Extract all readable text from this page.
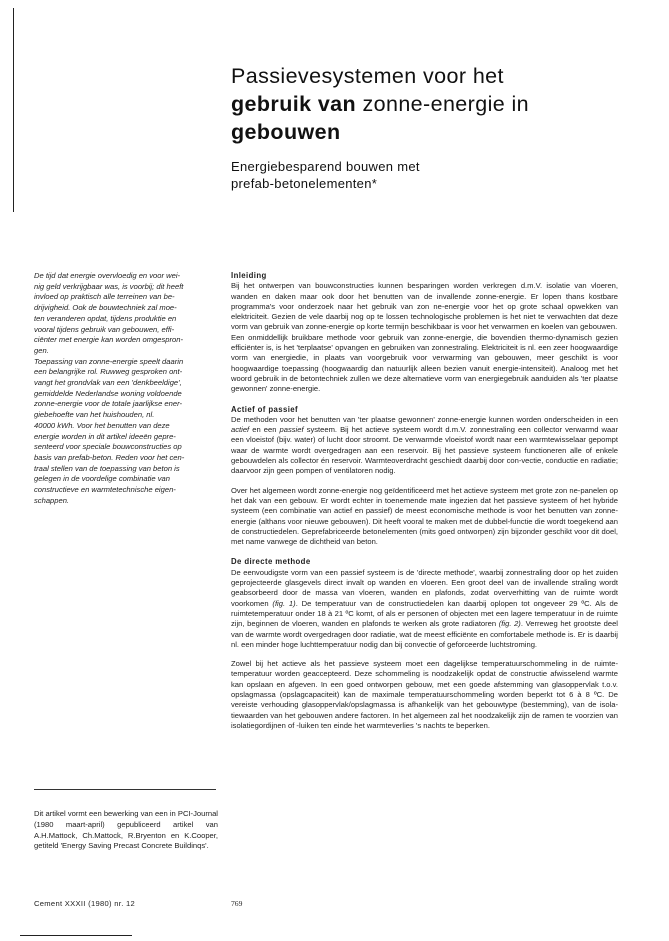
Passievesystemen voor het
gebruik van zonne-energie in
gebouwen
Energiebesparend bouwen met
prefab-betonelementen*

De tijd dat energie overvloedig en voor wei-

nig geld verkrijgbaar was, is voorbij; dit heeft

invloed op praktisch alle terreinen van be-

drijvigheid. Ook de bouwtechniek zal moe-

ten veranderen opdat, tijdens produktie en

vooral tijdens gebruik van gebouwen, effi-

ciënter met energie kan worden omgespron-

gen.

Toepassing van zonne-energie speelt daarin

een belangrijke rol. Ruwweg gesproken ont-

vangt het grondvlak van een 'denkbeeldige',

gemiddelde Nederlandse woning voldoende

zonne-energie voor de totale jaarlijkse ener-

giebehoefte van het huishouden, nl.

40000 kWh. Voor het benutten van deze

energie worden in dit artikel ideeën gepre-

senteerd voor speciale bouwconstructies op

basis van prefab-beton. Reden voor het cen-

traal stellen van de toepassing van beton is

gelegen in de voordelige combinatie van

constructieve en warmtetechnische eigen-

schappen.

Dit artikel vormt een bewerking van een in PCI-Journal (1980 maart-april) gepubliceerd artikel van A.H.Mattock, Ch.Mattock, R.Bryenton en K.Cooper, getiteld 'Energy Saving Precast Concrete Buildinqs'.

Inleiding

Bij het ontwerpen van bouwconstructies kunnen besparingen worden verkregen d.m.V. isolatie van vloeren, wanden en daken maar ook door het benutten van de invallende zonne-energie. Er lopen thans kostbare programma's voor onderzoek naar het gebruik van zon ne-energie voor het op grote schaal opwekken van elektriciteit. Gezien de vele daarbij nog op te lossen technologische problemen is het niet te verwachten dat deze vorm van gebruik van zonne-energie op korte termijn beschikbaar is voor het verwarmen en koelen van gebouwen.

Een onmiddellijk bruikbare methode voor gebruik van zonne-energie, die bovendien thermo-dynamisch gezien efficiënter is, is het 'terplaatse' opvangen en gebruiken van zonnestraling. Elektriciteit is nl. een zeer hoogwaardige vorm van energiedie, in plaats van voorgebruik voor verwarming van gebouwen, meer geschikt is voor hoogwaardige toepassing (hoogwaardig dan natuurlijk alleen bezien vanuit energie-intensiteit). Analoog met het woord gebruik in de betontechniek zullen we deze alternatieve vorm van energiegebruik aanduiden als 'ter plaatse gewonnen' zonne-energie.

Actief of passief

De methoden voor het benutten van 'ter plaatse gewonnen' zonne-energie kunnen worden onderscheiden in een actief en een passief systeem. Bij het actieve systeem wordt d.m.V. zonnestraling een collector verwarmd waar een vloeistof (bijv. water) of lucht door stroomt. De verwarmde vloeistof wordt naar een warmtewisselaar gepompt waar de warmte wordt overgedragen aan een reservoir. Bij het passieve systeem functioneren alle of enkele gebouwdelen als collector én reservoir. Warmteoverdracht geschiedt daarbij door con-vectie, conductie en radiatie; daarvoor zijn geen pompen of ventilatoren nodig.

Over het algemeen wordt zonne-energie nog geïdentificeerd met het actieve systeem met grote zon ne-panelen op het dak van een gebouw. Er wordt echter in toenemende mate ingezien dat het passieve systeem of het hybride systeem (een combinatie van actief en passief) de meest economische methode is voor het benutten van zonne-energie (althans voor nieuwe gebouwen). Dit heeft vooral te maken met de dubbel-functie die wordt toegekend aan de constructiedelen. Geprefabriceerde betonelementen (mits goed ontworpen) zijn bijzonder geschikt voor dit doel, met name vanwege de dichtheid van beton.

De directe methode

De eenvoudigste vorm van een passief systeem is de 'directe methode', waarbij zonnestraling door op het zuiden geprojecteerde glasgevels direct invalt op wanden en vloeren. Een groot deel van de invallende straling wordt geabsorbeerd door de massa van vloeren, wanden en plafonds, zodat oververhitting van de ruimte wordt voorkomen (fig. 1). De temperatuur van de constructiedelen kan daarbij oplopen tot ongeveer 29 ºC. Als de ruimtetemperatuur onder 18 à 21 ºC komt, of als er personen of objecten met een lagere temperatuur in de ruimte zijn, beginnen de vloeren, wanden en plafonds te werken als grote radiatoren (fig. 2). Verreweg het grootste deel van de warmte wordt overgedragen door radiatie, wat de meest efficiënte en comfortabele methode is. Er is daarbij nl. een minder hoge luchttemperatuur nodig dan bij convectie of geforceerde luchtstroming.

Zowel bij het actieve als het passieve systeem moet een dagelijkse temperatuurschommeling in de ruimte-temperatuur worden geaccepteerd. Deze schommeling is noodzakelijk opdat de constructie afwisselend warmte kan opslaan en afgeven. In een goed ontworpen gebouw, met een goede afstemming van glasoppervlak t.o.v. opslagmassa (opslagcapaciteit) kan de maximale temperatuurschommeling worden beperkt tot 6 à 8 ºC. De vereiste verhouding glasoppervlak/opslagmassa is afhankelijk van het gebouwtype (bestemming), van de isola-tiewaarden van het gebouwen andere factoren. In het algemeen zal het noodzakelijk zijn de ramen te voorzien van isolatiegordijnen of -luiken ten einde het warmteverlies 's nachts te beperken.

Cement XXXII (1980) nr. 12	769
